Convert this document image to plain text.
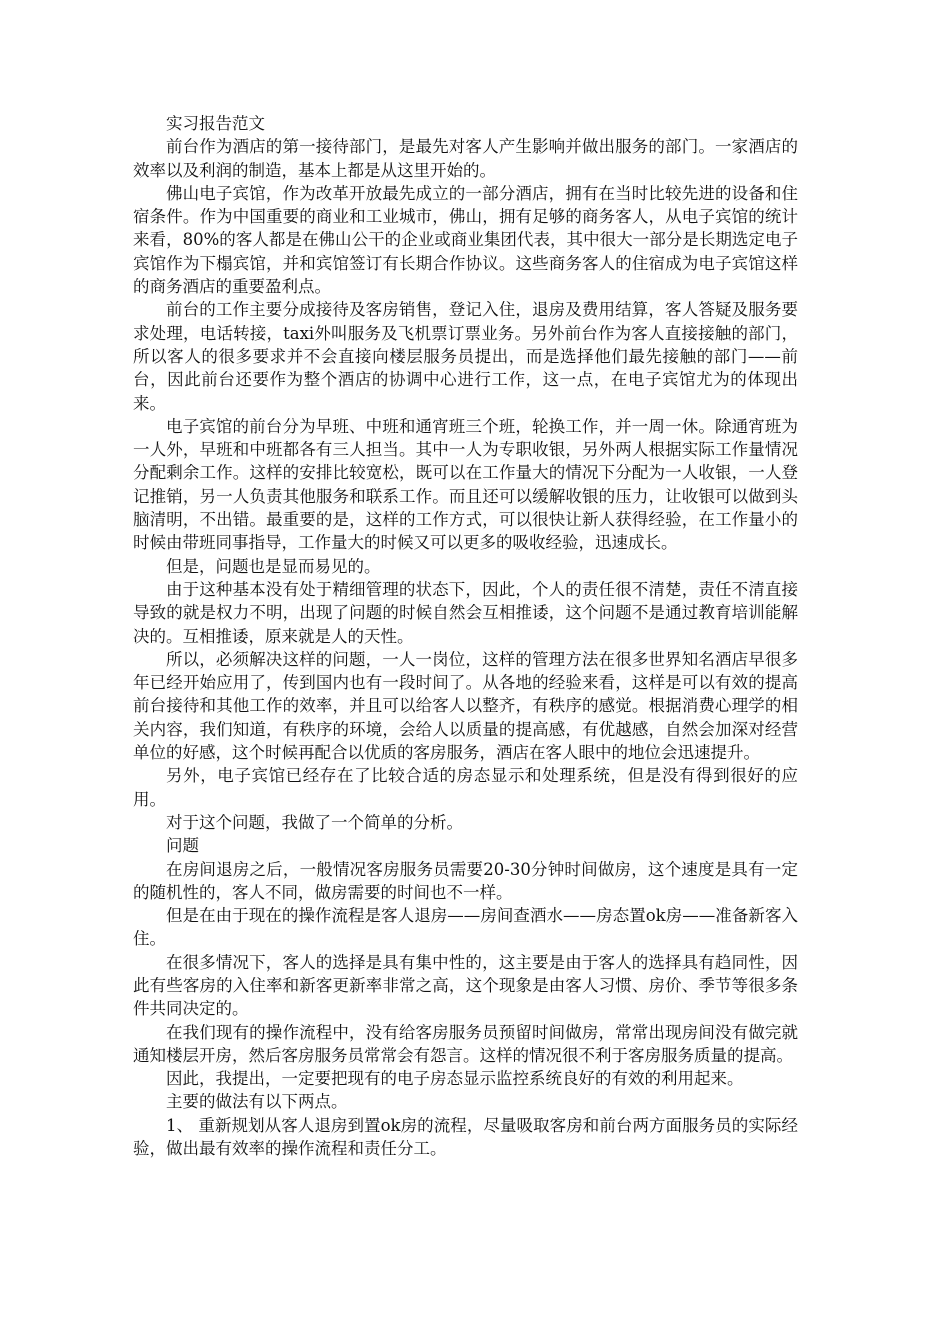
实习报告范文

前台作为酒店的第一接待部门，是最先对客人产生影响并做出服务的部门。一家酒店的效率以及利润的制造，基本上都是从这里开始的。

佛山电子宾馆，作为改革开放最先成立的一部分酒店，拥有在当时比较先进的设备和住宿条件。作为中国重要的商业和工业城市，佛山，拥有足够的商务客人，从电子宾馆的统计来看，80%的客人都是在佛山公干的企业或商业集团代表，其中很大一部分是长期选定电子宾馆作为下榻宾馆，并和宾馆签订有长期合作协议。这些商务客人的住宿成为电子宾馆这样的商务酒店的重要盈利点。

前台的工作主要分成接待及客房销售，登记入住，退房及费用结算，客人答疑及服务要求处理，电话转接，taxi外叫服务及飞机票订票业务。另外前台作为客人直接接触的部门，所以客人的很多要求并不会直接向楼层服务员提出，而是选择他们最先接触的部门——前台，因此前台还要作为整个酒店的协调中心进行工作，这一点，在电子宾馆尤为的体现出来。

电子宾馆的前台分为早班、中班和通宵班三个班，轮换工作，并一周一休。除通宵班为一人外，早班和中班都各有三人担当。其中一人为专职收银，另外两人根据实际工作量情况分配剩余工作。这样的安排比较宽松，既可以在工作量大的情况下分配为一人收银，一人登记推销，另一人负责其他服务和联系工作。而且还可以缓解收银的压力，让收银可以做到头脑清明，不出错。最重要的是，这样的工作方式，可以很快让新人获得经验，在工作量小的时候由带班同事指导，工作量大的时候又可以更多的吸收经验，迅速成长。

但是，问题也是显而易见的。

由于这种基本没有处于精细管理的状态下，因此，个人的责任很不清楚，责任不清直接导致的就是权力不明，出现了问题的时候自然会互相推诿，这个问题不是通过教育培训能解决的。互相推诿，原来就是人的天性。

所以，必须解决这样的问题，一人一岗位，这样的管理方法在很多世界知名酒店早很多年已经开始应用了，传到国内也有一段时间了。从各地的经验来看，这样是可以有效的提高前台接待和其他工作的效率，并且可以给客人以整齐，有秩序的感觉。根据消费心理学的相关内容，我们知道，有秩序的环境，会给人以质量的提高感，有优越感，自然会加深对经营单位的好感，这个时候再配合以优质的客房服务，酒店在客人眼中的地位会迅速提升。

另外，电子宾馆已经存在了比较合适的房态显示和处理系统，但是没有得到很好的应用。

对于这个问题，我做了一个简单的分析。

问题

在房间退房之后，一般情况客房服务员需要20-30分钟时间做房，这个速度是具有一定的随机性的，客人不同，做房需要的时间也不一样。

但是在由于现在的操作流程是客人退房——房间查酒水——房态置ok房——准备新客入住。

在很多情况下，客人的选择是具有集中性的，这主要是由于客人的选择具有趋同性，因此有些客房的入住率和新客更新率非常之高，这个现象是由客人习惯、房价、季节等很多条件共同决定的。

在我们现有的操作流程中，没有给客房服务员预留时间做房，常常出现房间没有做完就通知楼层开房，然后客房服务员常常会有怨言。这样的情况很不利于客房服务质量的提高。

因此，我提出，一定要把现有的电子房态显示监控系统良好的有效的利用起来。

主要的做法有以下两点。

1、 重新规划从客人退房到置ok房的流程，尽量吸取客房和前台两方面服务员的实际经验，做出最有效率的操作流程和责任分工。
